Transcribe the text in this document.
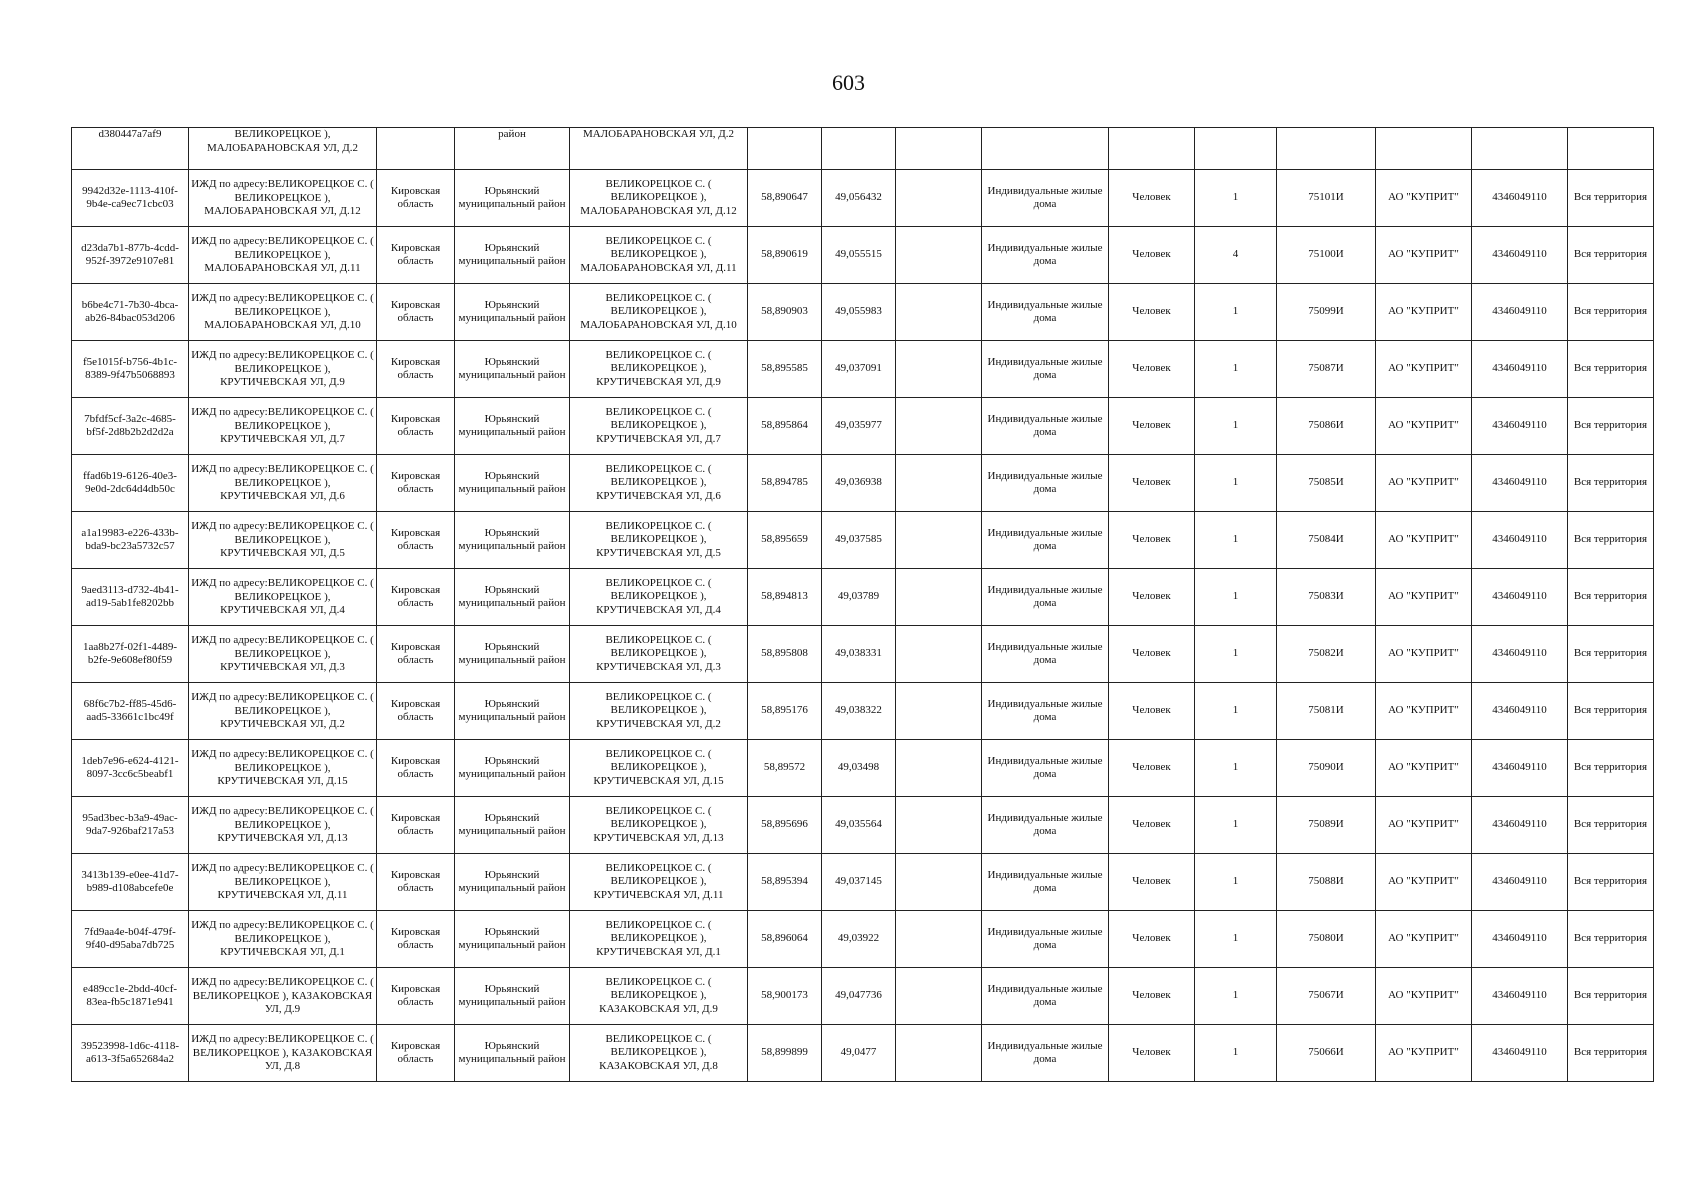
603
d380447a7af9	ВЕЛИКОРЕЦКОЕ ), МАЛОБАРАНОВСКАЯ УЛ, Д.2		район	МАЛОБАРАНОВСКАЯ УЛ, Д.2										
9942d32e-1113-410f-9b4e-ca9ec71cbc03	ИЖД по адресу:ВЕЛИКОРЕЦКОЕ С. ( ВЕЛИКОРЕЦКОЕ ), МАЛОБАРАНОВСКАЯ УЛ, Д.12	Кировская область	Юрьянский муниципальный район	ВЕЛИКОРЕЦКОЕ С. ( ВЕЛИКОРЕЦКОЕ ), МАЛОБАРАНОВСКАЯ УЛ, Д.12	58,890647	49,056432		Индивидуальные жилые дома	Человек	1	75101И	АО "КУПРИТ"	4346049110	Вся территория
d23da7b1-877b-4cdd-952f-3972e9107e81	ИЖД по адресу:ВЕЛИКОРЕЦКОЕ С. ( ВЕЛИКОРЕЦКОЕ ), МАЛОБАРАНОВСКАЯ УЛ, Д.11	Кировская область	Юрьянский муниципальный район	ВЕЛИКОРЕЦКОЕ С. ( ВЕЛИКОРЕЦКОЕ ), МАЛОБАРАНОВСКАЯ УЛ, Д.11	58,890619	49,055515		Индивидуальные жилые дома	Человек	4	75100И	АО "КУПРИТ"	4346049110	Вся территория
b6be4c71-7b30-4bca-ab26-84bac053d206	ИЖД по адресу:ВЕЛИКОРЕЦКОЕ С. ( ВЕЛИКОРЕЦКОЕ ), МАЛОБАРАНОВСКАЯ УЛ, Д.10	Кировская область	Юрьянский муниципальный район	ВЕЛИКОРЕЦКОЕ С. ( ВЕЛИКОРЕЦКОЕ ), МАЛОБАРАНОВСКАЯ УЛ, Д.10	58,890903	49,055983		Индивидуальные жилые дома	Человек	1	75099И	АО "КУПРИТ"	4346049110	Вся территория
f5e1015f-b756-4b1c-8389-9f47b5068893	ИЖД по адресу:ВЕЛИКОРЕЦКОЕ С. ( ВЕЛИКОРЕЦКОЕ ), КРУТИЧЕВСКАЯ УЛ, Д.9	Кировская область	Юрьянский муниципальный район	ВЕЛИКОРЕЦКОЕ С. ( ВЕЛИКОРЕЦКОЕ ), КРУТИЧЕВСКАЯ УЛ, Д.9	58,895585	49,037091		Индивидуальные жилые дома	Человек	1	75087И	АО "КУПРИТ"	4346049110	Вся территория
7bfdf5cf-3a2c-4685-bf5f-2d8b2b2d2d2a	ИЖД по адресу:ВЕЛИКОРЕЦКОЕ С. ( ВЕЛИКОРЕЦКОЕ ), КРУТИЧЕВСКАЯ УЛ, Д.7	Кировская область	Юрьянский муниципальный район	ВЕЛИКОРЕЦКОЕ С. ( ВЕЛИКОРЕЦКОЕ ), КРУТИЧЕВСКАЯ УЛ, Д.7	58,895864	49,035977		Индивидуальные жилые дома	Человек	1	75086И	АО "КУПРИТ"	4346049110	Вся территория
ffad6b19-6126-40e3-9e0d-2dc64d4db50c	ИЖД по адресу:ВЕЛИКОРЕЦКОЕ С. ( ВЕЛИКОРЕЦКОЕ ), КРУТИЧЕВСКАЯ УЛ, Д.6	Кировская область	Юрьянский муниципальный район	ВЕЛИКОРЕЦКОЕ С. ( ВЕЛИКОРЕЦКОЕ ), КРУТИЧЕВСКАЯ УЛ, Д.6	58,894785	49,036938		Индивидуальные жилые дома	Человек	1	75085И	АО "КУПРИТ"	4346049110	Вся территория
a1a19983-e226-433b-bda9-bc23a5732c57	ИЖД по адресу:ВЕЛИКОРЕЦКОЕ С. ( ВЕЛИКОРЕЦКОЕ ), КРУТИЧЕВСКАЯ УЛ, Д.5	Кировская область	Юрьянский муниципальный район	ВЕЛИКОРЕЦКОЕ С. ( ВЕЛИКОРЕЦКОЕ ), КРУТИЧЕВСКАЯ УЛ, Д.5	58,895659	49,037585		Индивидуальные жилые дома	Человек	1	75084И	АО "КУПРИТ"	4346049110	Вся территория
9aed3113-d732-4b41-ad19-5ab1fe8202bb	ИЖД по адресу:ВЕЛИКОРЕЦКОЕ С. ( ВЕЛИКОРЕЦКОЕ ), КРУТИЧЕВСКАЯ УЛ, Д.4	Кировская область	Юрьянский муниципальный район	ВЕЛИКОРЕЦКОЕ С. ( ВЕЛИКОРЕЦКОЕ ), КРУТИЧЕВСКАЯ УЛ, Д.4	58,894813	49,03789		Индивидуальные жилые дома	Человек	1	75083И	АО "КУПРИТ"	4346049110	Вся территория
1aa8b27f-02f1-4489-b2fe-9e608ef80f59	ИЖД по адресу:ВЕЛИКОРЕЦКОЕ С. ( ВЕЛИКОРЕЦКОЕ ), КРУТИЧЕВСКАЯ УЛ, Д.3	Кировская область	Юрьянский муниципальный район	ВЕЛИКОРЕЦКОЕ С. ( ВЕЛИКОРЕЦКОЕ ), КРУТИЧЕВСКАЯ УЛ, Д.3	58,895808	49,038331		Индивидуальные жилые дома	Человек	1	75082И	АО "КУПРИТ"	4346049110	Вся территория
68f6c7b2-ff85-45d6-aad5-33661c1bc49f	ИЖД по адресу:ВЕЛИКОРЕЦКОЕ С. ( ВЕЛИКОРЕЦКОЕ ), КРУТИЧЕВСКАЯ УЛ, Д.2	Кировская область	Юрьянский муниципальный район	ВЕЛИКОРЕЦКОЕ С. ( ВЕЛИКОРЕЦКОЕ ), КРУТИЧЕВСКАЯ УЛ, Д.2	58,895176	49,038322		Индивидуальные жилые дома	Человек	1	75081И	АО "КУПРИТ"	4346049110	Вся территория
1deb7e96-e624-4121-8097-3cc6c5beabf1	ИЖД по адресу:ВЕЛИКОРЕЦКОЕ С. ( ВЕЛИКОРЕЦКОЕ ), КРУТИЧЕВСКАЯ УЛ, Д.15	Кировская область	Юрьянский муниципальный район	ВЕЛИКОРЕЦКОЕ С. ( ВЕЛИКОРЕЦКОЕ ), КРУТИЧЕВСКАЯ УЛ, Д.15	58,89572	49,03498		Индивидуальные жилые дома	Человек	1	75090И	АО "КУПРИТ"	4346049110	Вся территория
95ad3bec-b3a9-49ac-9da7-926baf217a53	ИЖД по адресу:ВЕЛИКОРЕЦКОЕ С. ( ВЕЛИКОРЕЦКОЕ ), КРУТИЧЕВСКАЯ УЛ, Д.13	Кировская область	Юрьянский муниципальный район	ВЕЛИКОРЕЦКОЕ С. ( ВЕЛИКОРЕЦКОЕ ), КРУТИЧЕВСКАЯ УЛ, Д.13	58,895696	49,035564		Индивидуальные жилые дома	Человек	1	75089И	АО "КУПРИТ"	4346049110	Вся территория
3413b139-e0ee-41d7-b989-d108abcefe0e	ИЖД по адресу:ВЕЛИКОРЕЦКОЕ С. ( ВЕЛИКОРЕЦКОЕ ), КРУТИЧЕВСКАЯ УЛ, Д.11	Кировская область	Юрьянский муниципальный район	ВЕЛИКОРЕЦКОЕ С. ( ВЕЛИКОРЕЦКОЕ ), КРУТИЧЕВСКАЯ УЛ, Д.11	58,895394	49,037145		Индивидуальные жилые дома	Человек	1	75088И	АО "КУПРИТ"	4346049110	Вся территория
7fd9aa4e-b04f-479f-9f40-d95aba7db725	ИЖД по адресу:ВЕЛИКОРЕЦКОЕ С. ( ВЕЛИКОРЕЦКОЕ ), КРУТИЧЕВСКАЯ УЛ, Д.1	Кировская область	Юрьянский муниципальный район	ВЕЛИКОРЕЦКОЕ С. ( ВЕЛИКОРЕЦКОЕ ), КРУТИЧЕВСКАЯ УЛ, Д.1	58,896064	49,03922		Индивидуальные жилые дома	Человек	1	75080И	АО "КУПРИТ"	4346049110	Вся территория
e489cc1e-2bdd-40cf-83ea-fb5c1871e941	ИЖД по адресу:ВЕЛИКОРЕЦКОЕ С. ( ВЕЛИКОРЕЦКОЕ ), КАЗАКОВСКАЯ УЛ, Д.9	Кировская область	Юрьянский муниципальный район	ВЕЛИКОРЕЦКОЕ С. ( ВЕЛИКОРЕЦКОЕ ), КАЗАКОВСКАЯ УЛ, Д.9	58,900173	49,047736		Индивидуальные жилые дома	Человек	1	75067И	АО "КУПРИТ"	4346049110	Вся территория
39523998-1d6c-4118-a613-3f5a652684a2	ИЖД по адресу:ВЕЛИКОРЕЦКОЕ С. ( ВЕЛИКОРЕЦКОЕ ), КАЗАКОВСКАЯ УЛ, Д.8	Кировская область	Юрьянский муниципальный район	ВЕЛИКОРЕЦКОЕ С. ( ВЕЛИКОРЕЦКОЕ ), КАЗАКОВСКАЯ УЛ, Д.8	58,899899	49,0477		Индивидуальные жилые дома	Человек	1	75066И	АО "КУПРИТ"	4346049110	Вся территория
